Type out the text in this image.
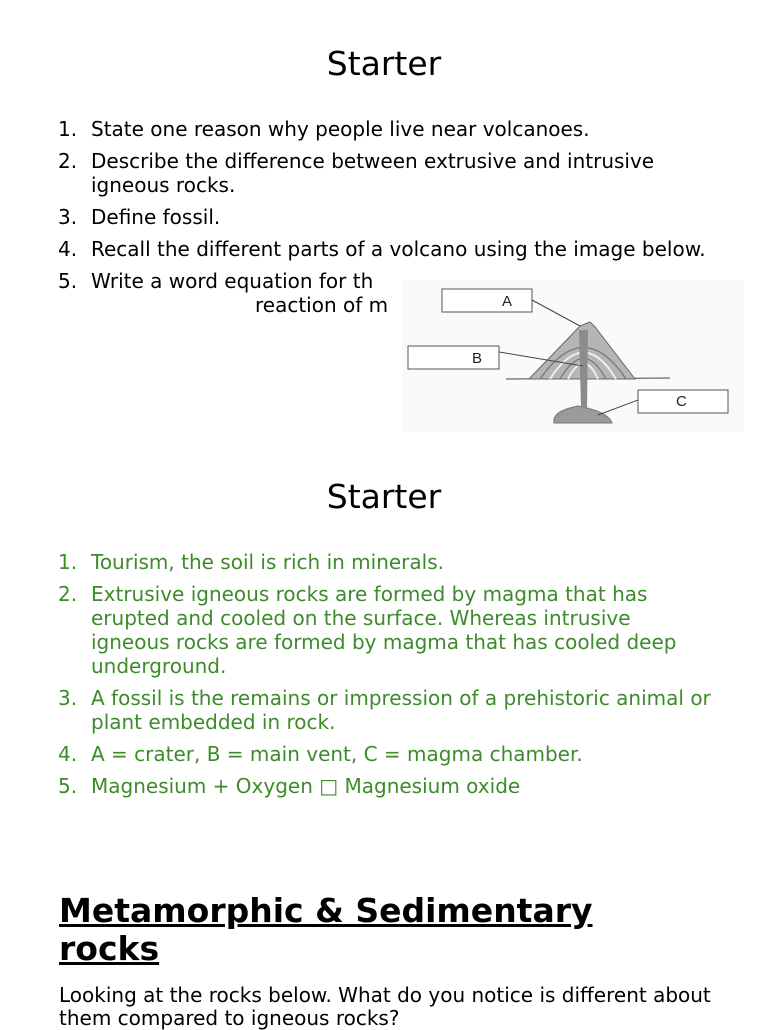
Starter
1. State one reason why people live near volcanoes.
2. Describe the difference between extrusive and intrusive igneous rocks.
3. Define fossil.
4. Recall the different parts of a volcano using the image below.
5. Write a word equation for th
reaction of m	A
B
C
Starter
1. Tourism, the soil is rich in minerals.
2. Extrusive igneous rocks are formed by magma that has erupted and cooled on the surface. Whereas intrusive igneous rocks are formed by magma that has cooled deep underground.
3. A fossil is the remains or impression of a prehistoric animal or plant embedded in rock.
4. A = crater, B = main vent, C = magma chamber.
5. Magnesium + Oxygen □ Magnesium oxide
Metamorphic & Sedimentary rocks

Looking at the rocks below. What do you notice is different about them compared to igneous rocks?
